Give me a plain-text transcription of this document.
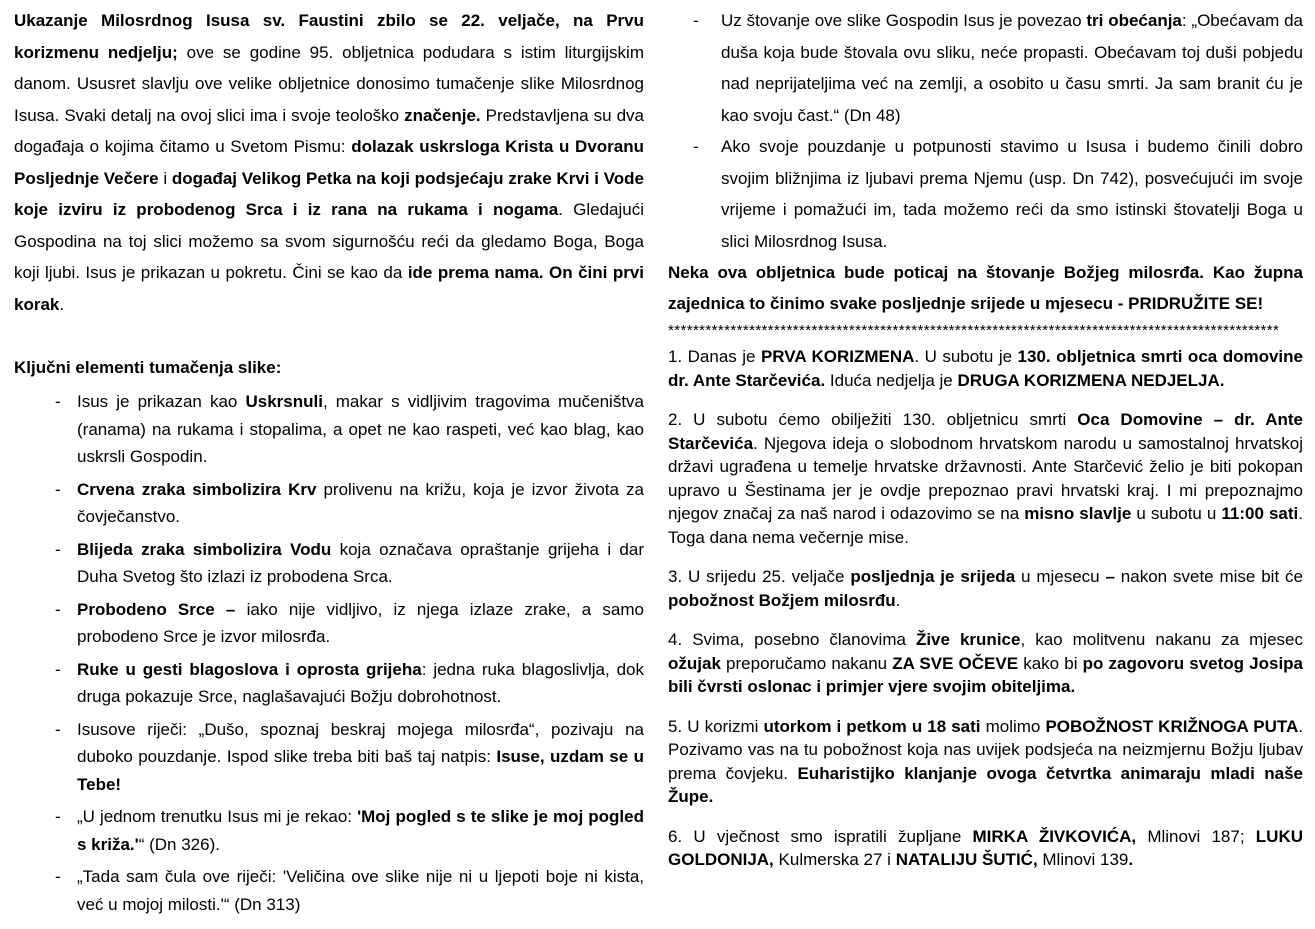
Ukazanje Milosrdnog Isusa sv. Faustini zbilo se 22. veljače, na Prvu korizmenu nedjelju; ove se godine 95. obljetnica podudara s istim liturgijskim danom. Ususret slavlju ove velike obljetnice donosimo tumačenje slike Milosrdnog Isusa. Svaki detalj na ovoj slici ima i svoje teološko značenje. Predstavljena su dva događaja o kojima čitamo u Svetom Pismu: dolazak uskrsloga Krista u Dvoranu Posljednje Večere i događaj Velikog Petka na koji podsjećaju zrake Krvi i Vode koje izviru iz probodenog Srca i iz rana na rukama i nogama. Gledajući Gospodina na toj slici možemo sa svom sigurnošću reći da gledamo Boga, Boga koji ljubi. Isus je prikazan u pokretu. Čini se kao da ide prema nama. On čini prvi korak.

Ključni elementi tumačenja slike:

- Isus je prikazan kao Uskrsnuli, makar s vidljivim tragovima mučeništva (ranama) na rukama i stopalima, a opet ne kao raspeti, već kao blag, kao uskrsli Gospodin.
- Crvena zraka simbolizira Krv prolivenu na križu, koja je izvor života za čovječanstvo.
- Blijeda zraka simbolizira Vodu koja označava opraštanje grijeha i dar Duha Svetog što izlazi iz probodena Srca.
- Probodeno Srce – iako nije vidljivo, iz njega izlaze zrake, a samo probodeno Srce je izvor milosrđa.
- Ruke u gesti blagoslova i oprosta grijeha: jedna ruka blagoslivlja, dok druga pokazuje Srce, naglašavajući Božju dobrohotnost.
- Isusove riječi: „Dušo, spoznaj beskraj mojega milosrđa“, pozivaju na duboko pouzdanje. Ispod slike treba biti baš taj natpis: Isuse, uzdam se u Tebe!
- „U jednom trenutku Isus mi je rekao: 'Moj pogled s te slike je moj pogled s križa.'“ (Dn 326).
- „Tada sam čula ove riječi: 'Veličina ove slike nije ni u ljepoti boje ni kista, već u mojoj milosti.'“ (Dn 313)
-	Uz štovanje ove slike Gospodin Isus je povezao tri obećanja: „Obećavam da duša koja bude štovala ovu sliku, neće propasti. Obećavam toj duši pobjedu nad neprijateljima već na zemlji, a osobito u času smrti. Ja sam branit ću je kao svoju čast.“ (Dn 48)
-	Ako svoje pouzdanje u potpunosti stavimo u Isusa i budemo činili dobro svojim bližnjima iz ljubavi prema Njemu (usp. Dn 742), posvećujući im svoje vrijeme i pomažući im, tada možemo reći da smo istinski štovatelji Boga u slici Milosrdnog Isusa.

Neka ova obljetnica bude poticaj na štovanje Božjeg milosrđa. Kao župna zajednica to činimo svake posljednje srijede u mjesecu - PRIDRUŽITE SE!

**************************************************************************************************

1. Danas je PRVA KORIZMENA. U subotu je 130. obljetnica smrti oca domovine dr. Ante Starčevića. Iduća nedjelja je DRUGA KORIZMENA NEDJELJA.

2. U subotu ćemo obilježiti 130. obljetnicu smrti Oca Domovine – dr. Ante Starčevića. Njegova ideja o slobodnom hrvatskom narodu u samostalnoj hrvatskoj državi ugrađena u temelje hrvatske državnosti. Ante Starčević želio je biti pokopan upravo u Šestinama jer je ovdje prepoznao pravi hrvatski kraj. I mi prepoznajmo njegov značaj za naš narod i odazovimo se na misno slavlje u subotu u 11:00 sati. Toga dana nema večernje mise.

3. U srijedu 25. veljače posljednja je srijeda u mjesecu – nakon svete mise bit će pobožnost Božjem milosrđu.

4. Svima, posebno članovima Žive krunice, kao molitvenu nakanu za mjesec ožujak preporučamo nakanu ZA SVE OČEVE kako bi po zagovoru svetog Josipa bili čvrsti oslonac i primjer vjere svojim obiteljima.

5. U korizmi utorkom i petkom u 18 sati molimo POBOŽNOST KRIŽNOGA PUTA. Pozivamo vas na tu pobožnost koja nas uvijek podsjeća na neizmjernu Božju ljubav prema čovjeku. Euharistijko klanjanje ovoga četvrtka animaraju mladi naše Župe.

6. U vječnost smo ispratili župljane MIRKA ŽIVKOVIĆA, Mlinovi 187; LUKU GOLDONIJA, Kulmerska 27 i NATALIJU ŠUTIĆ, Mlinovi 139.
